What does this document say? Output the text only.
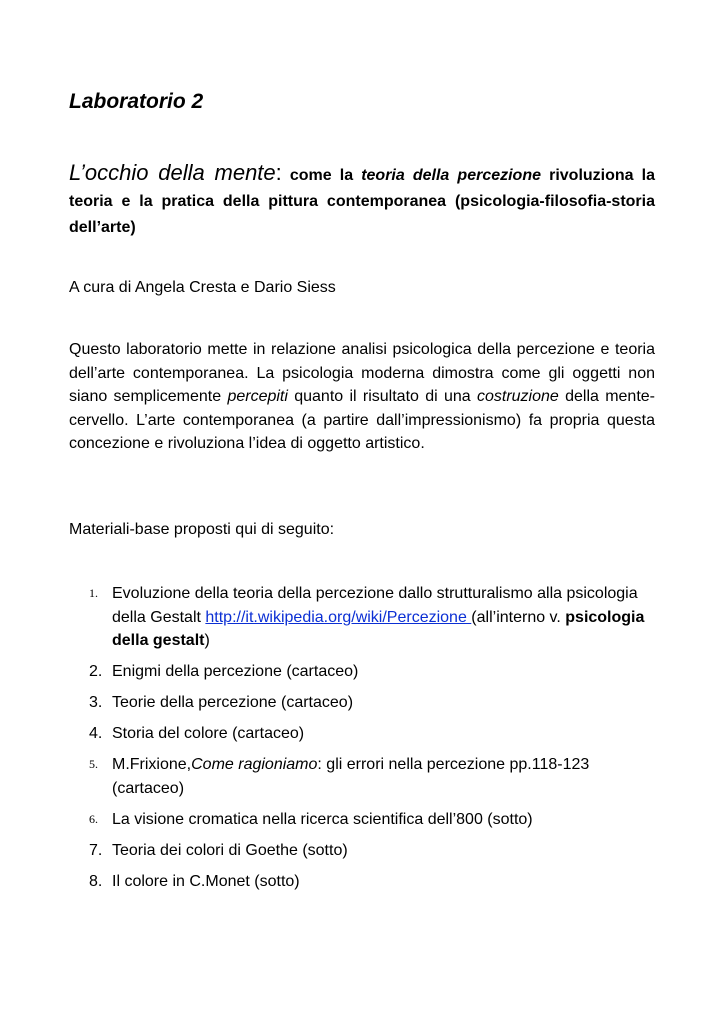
Laboratorio 2

L’occhio della mente: come la teoria della percezione rivoluziona la teoria e la pratica della pittura contemporanea (psicologia-filosofia-storia dell’arte)

A cura di Angela Cresta e Dario Siess

Questo laboratorio mette in relazione analisi psicologica della percezione e teoria dell’arte contemporanea. La psicologia moderna dimostra come gli oggetti non siano semplicemente percepiti quanto il risultato di una costruzione della mente-cervello. L’arte contemporanea (a partire dall’impressionismo) fa propria questa concezione e rivoluziona l’idea di oggetto artistico.

Materiali-base proposti qui di seguito:

1. Evoluzione della teoria della percezione dallo strutturalismo alla psicologia della Gestalt http://it.wikipedia.org/wiki/Percezione (all’interno v. psicologia della gestalt)
2. Enigmi della percezione (cartaceo)
3. Teorie della percezione (cartaceo)
4. Storia del colore (cartaceo)
5. M.Frixione,Come ragioniamo: gli errori nella percezione pp.118-123 (cartaceo)
6. La visione cromatica nella ricerca scientifica dell’800 (sotto)
7. Teoria dei colori di Goethe (sotto)
8. Il colore in C.Monet (sotto)
